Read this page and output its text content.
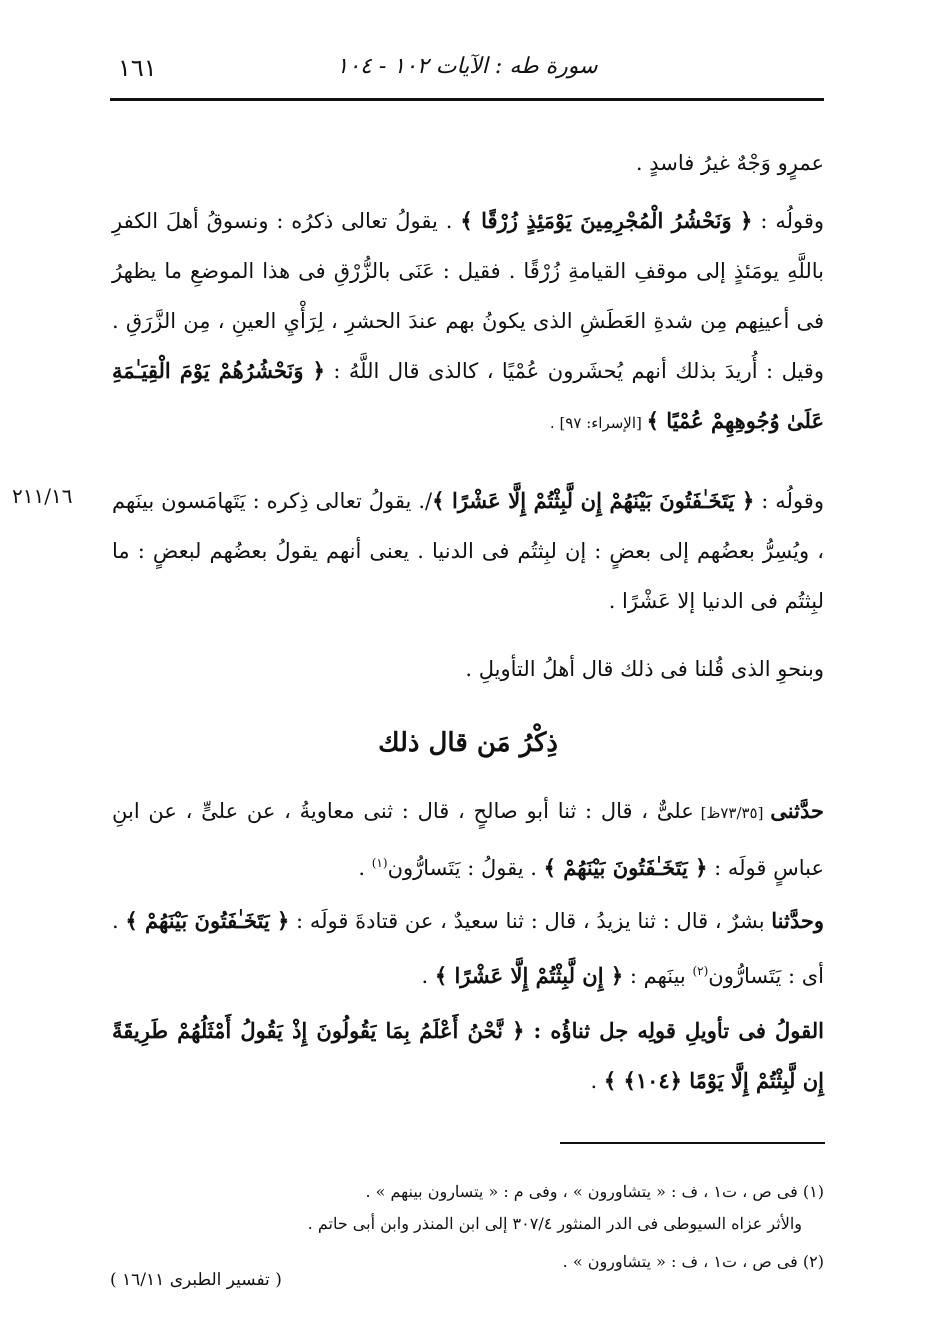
سورة طه : الآيات ١٠٢ - ١٠٤
١٦١
عمرٍو وَجْهٌ غيرُ فاسدٍ .
وقولُه : ﴿ وَنَحْشُرُ الْمُجْرِمِينَ يَوْمَئِذٍ زُرْقًا ﴾ . يقولُ تعالى ذكرُه : ونسوقُ أهلَ الكفرِ باللَّهِ يومَئذٍ إلى موقفِ القيامةِ زُرْقًا . فقيل : عَنَى بالزُّرْقِ فى هذا الموضعِ ما يظهرُ فى أعينِهم مِن شدةِ العَطَشِ الذى يكونُ بهم عندَ الحشرِ ، لِرَأْيِ العينِ ، مِن الزَّرَقِ . وقيل : أُريدَ بذلك أنهم يُحشَرون عُمْيًا ، كالذى قال اللَّهُ : ﴿ وَنَحْشُرُهُمْ يَوْمَ الْقِيَـٰمَةِ عَلَىٰ وُجُوهِهِمْ عُمْيًا ﴾ [الإسراء: ٩٧] .
٢١١/١٦	وقولُه : ﴿ يَتَخَـٰفَتُونَ بَيْنَهُمْ إِن لَّبِثْتُمْ إِلَّا عَشْرًا ﴾/. يقولُ تعالى ذِكره : يَتَهامَسون بينَهم ، ويُسِرُّ بعضُهم إلى بعضٍ : إن لبِثتُم فى الدنيا . يعنى أنهم يقولُ بعضُهم لبعضٍ : ما لبِثتُم فى الدنيا إلا عَشْرًا .
وبنحوِ الذى قُلنا فى ذلك قال أهلُ التأويلِ .
ذِكْرُ مَن قال ذلك
حدَّثنى [٧٣/٣٥ظ] علىٌّ ، قال : ثنا أبو صالحٍ ، قال : ثنى معاويةُ ، عن علىٍّ ، عن ابنِ عباسٍ قولَه : ﴿ يَتَخَـٰفَتُونَ بَيْنَهُمْ ﴾ . يقولُ : يَتَسارُّون$^{(١)}$ .
وحدَّثنا بشرٌ ، قال : ثنا يزيدُ ، قال : ثنا سعيدٌ ، عن قتادةَ قولَه : ﴿ يَتَخَـٰفَتُونَ بَيْنَهُمْ ﴾ . أى : يَتَسارُّون$^{(٢)}$ بينَهم : ﴿ إِن لَّبِثْتُمْ إِلَّا عَشْرًا ﴾ .
القولُ فى تأويلِ قولِه جل ثناؤُه : ﴿ نَّحْنُ أَعْلَمُ بِمَا يَقُولُونَ إِذْ يَقُولُ أَمْثَلُهُمْ طَرِيقَةً إِن لَّبِثْتُمْ إِلَّا يَوْمًا ﴿١٠٤﴾ ﴾ .
(١) فى ص ، ت١ ، ف : « يتشاورون » ، وفى م : « يتسارون بينهم » .
والأثر عزاه السيوطى فى الدر المنثور ٣٠٧/٤ إلى ابن المنذر وابن أبى حاتم .
(٢) فى ص ، ت١ ، ف : « يتشاورون » .
( تفسير الطبرى ١٦/١١ )
